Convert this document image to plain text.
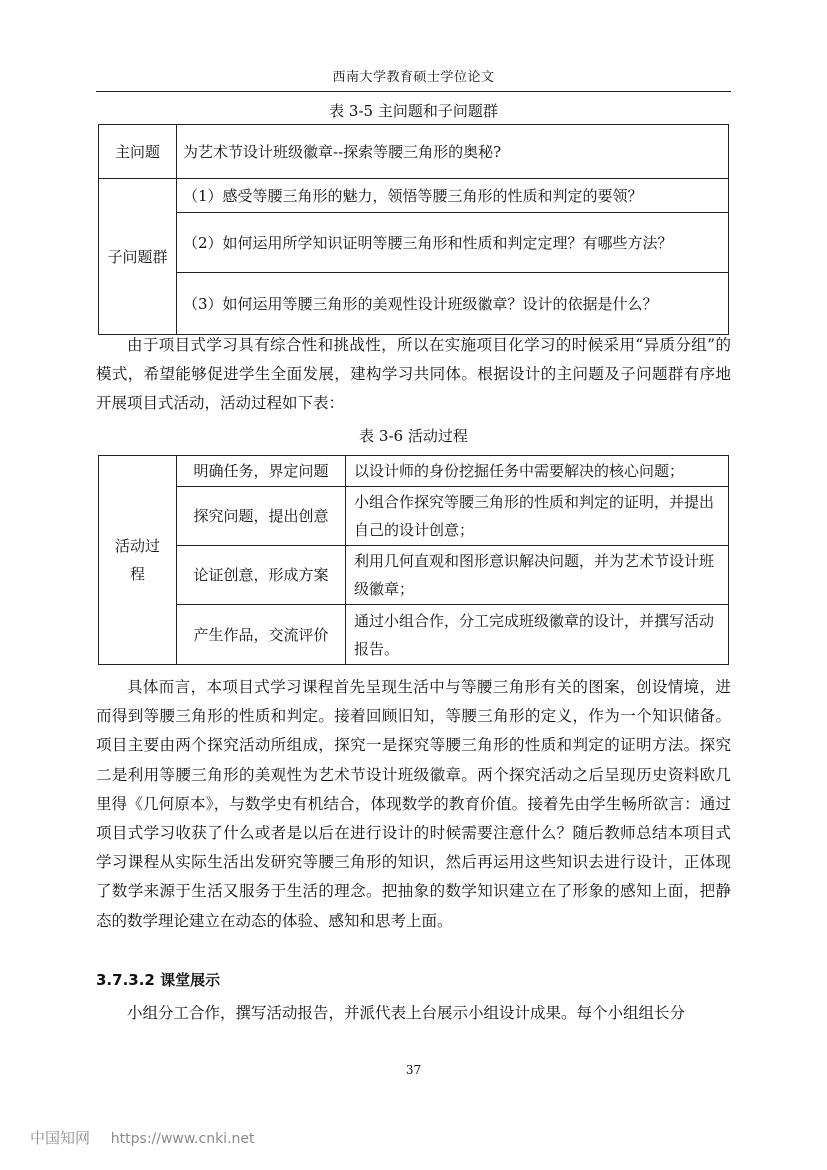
西南大学教育硕士学位论文
表 3-5 主问题和子问题群
主问题	为艺术节设计班级徽章--探索等腰三角形的奥秘?
子问题群	（1）感受等腰三角形的魅力，领悟等腰三角形的性质和判定的要领？
	（2）如何运用所学知识证明等腰三角形和性质和判定定理？有哪些方法？
	（3）如何运用等腰三角形的美观性设计班级徽章？设计的依据是什么？

由于项目式学习具有综合性和挑战性，所以在实施项目化学习的时候采用“异质分组”的模式，希望能够促进学生全面发展，建构学习共同体。根据设计的主问题及子问题群有序地开展项目式活动，活动过程如下表：

表 3-6 活动过程
活动过程	明确任务，界定问题	以设计师的身份挖掘任务中需要解决的核心问题；
	探究问题，提出创意	小组合作探究等腰三角形的性质和判定的证明，并提出自己的设计创意；
	论证创意，形成方案	利用几何直观和图形意识解决问题，并为艺术节设计班级徽章；
	产生作品，交流评价	通过小组合作，分工完成班级徽章的设计，并撰写活动报告。

具体而言，本项目式学习课程首先呈现生活中与等腰三角形有关的图案，创设情境，进而得到等腰三角形的性质和判定。接着回顾旧知，等腰三角形的定义，作为一个知识储备。项目主要由两个探究活动所组成，探究一是探究等腰三角形的性质和判定的证明方法。探究二是利用等腰三角形的美观性为艺术节设计班级徽章。两个探究活动之后呈现历史资料欧几里得《几何原本》，与数学史有机结合，体现数学的教育价值。接着先由学生畅所欲言：通过项目式学习收获了什么或者是以后在进行设计的时候需要注意什么？随后教师总结本项目式学习课程从实际生活出发研究等腰三角形的知识，然后再运用这些知识去进行设计，正体现了数学来源于生活又服务于生活的理念。把抽象的数学知识建立在了形象的感知上面，把静态的数学理论建立在动态的体验、感知和思考上面。

3.7.3.2 课堂展示

小组分工合作，撰写活动报告，并派代表上台展示小组设计成果。每个小组组长分

37
中国知网 https://www.cnki.net
